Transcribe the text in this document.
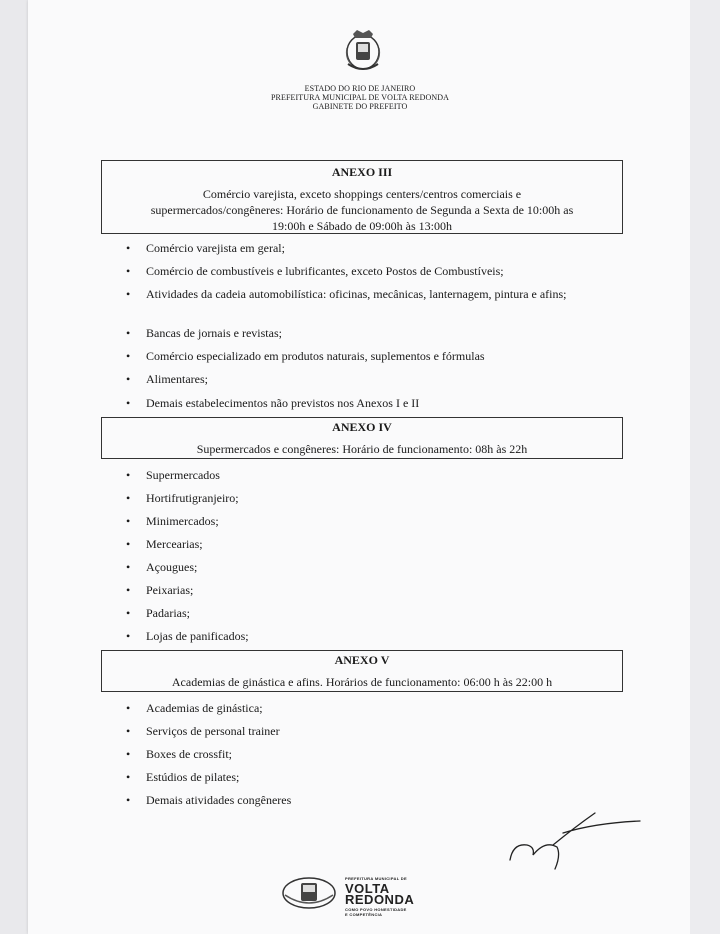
ESTADO DO RIO DE JANEIRO
PREFEITURA MUNICIPAL DE VOLTA REDONDA
GABINETE DO PREFEITO
ANEXO III
Comércio varejista, exceto shoppings centers/centros comerciais e
supermercados/congêneres: Horário de funcionamento de Segunda a Sexta de 10:00h as
19:00h e Sábado de 09:00h às 13:00h
• Comércio varejista em geral;
• Comércio de combustíveis e lubrificantes, exceto Postos de Combustíveis;
• Atividades da cadeia automobilística: oficinas, mecânicas, lanternagem, pintura e afins;
• Bancas de jornais e revistas;
• Comércio especializado em produtos naturais, suplementos e fórmulas
• Alimentares;
• Demais estabelecimentos não previstos nos Anexos I e II
ANEXO IV
Supermercados e congêneres: Horário de funcionamento: 08h às 22h
• Supermercados
• Hortifrutigranjeiro;
• Minimercados;
• Mercearias;
• Açougues;
• Peixarias;
• Padarias;
• Lojas de panificados;
ANEXO V
Academias de ginástica e afins. Horários de funcionamento: 06:00 h às 22:00 h
• Academias de ginástica;
• Serviços de personal trainer
• Boxes de crossfit;
• Estúdios de pilates;
• Demais atividades congêneres
PREFEITURA MUNICIPAL DE
VOLTA
REDONDA
COMO POVO HONESTIDADE
E COMPETÊNCIA
